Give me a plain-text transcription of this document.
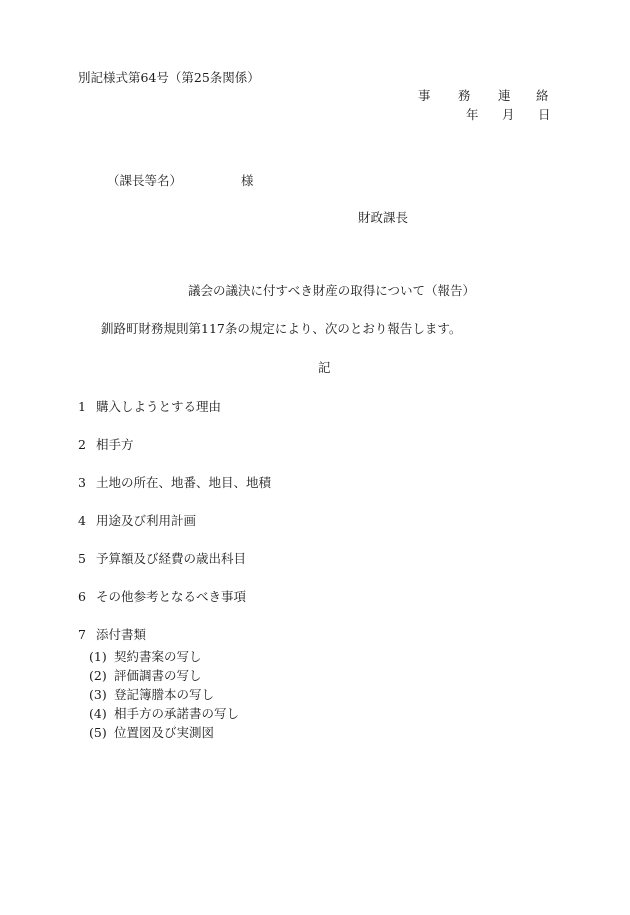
別記様式第64号（第25条関係）
事 務 連 絡
年 月 日
（課長等名）	様
財政課長
議会の議決に付すべき財産の取得について（報告）
釧路町財務規則第117条の規定により、次のとおり報告します。
記
1 購入しようとする理由
2 相手方
3 土地の所在、地番、地目、地積
4 用途及び利用計画
5 予算額及び経費の歳出科目
6 その他参考となるべき事項
7 添付書類
(1) 契約書案の写し
(2) 評価調書の写し
(3) 登記簿謄本の写し
(4) 相手方の承諾書の写し
(5) 位置図及び実測図
